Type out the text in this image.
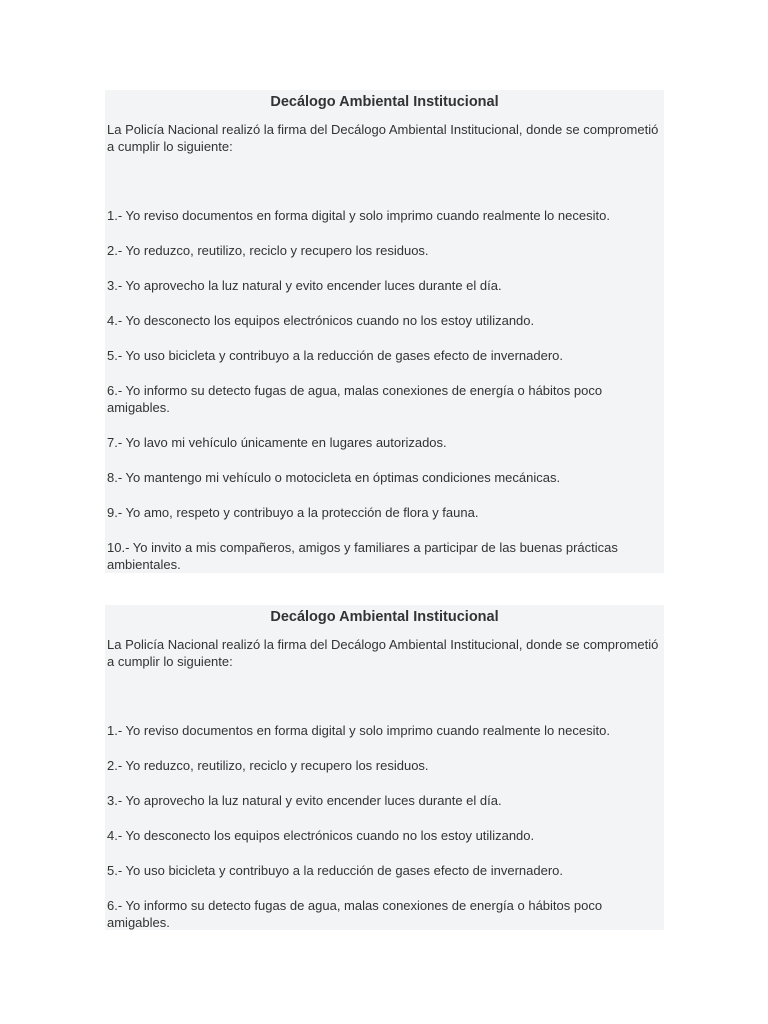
Decálogo Ambiental Institucional

La Policía Nacional realizó la firma del Decálogo Ambiental Institucional, donde se comprometió a cumplir lo siguiente:

1.- Yo reviso documentos en forma digital y solo imprimo cuando realmente lo necesito.
2.- Yo reduzco, reutilizo, reciclo y recupero los residuos.
3.- Yo aprovecho la luz natural y evito encender luces durante el día.
4.- Yo desconecto los equipos electrónicos cuando no los estoy utilizando.
5.- Yo uso bicicleta y contribuyo a la reducción de gases efecto de invernadero.
6.- Yo informo su detecto fugas de agua, malas conexiones de energía o hábitos poco amigables.
7.- Yo lavo mi vehículo únicamente en lugares autorizados.
8.- Yo mantengo mi vehículo o motocicleta en óptimas condiciones mecánicas.
9.- Yo amo, respeto y contribuyo a la protección de flora y fauna.
10.- Yo invito a mis compañeros, amigos y familiares a participar de las buenas prácticas ambientales.
Decálogo Ambiental Institucional

La Policía Nacional realizó la firma del Decálogo Ambiental Institucional, donde se comprometió a cumplir lo siguiente:

1.- Yo reviso documentos en forma digital y solo imprimo cuando realmente lo necesito.
2.- Yo reduzco, reutilizo, reciclo y recupero los residuos.
3.- Yo aprovecho la luz natural y evito encender luces durante el día.
4.- Yo desconecto los equipos electrónicos cuando no los estoy utilizando.
5.- Yo uso bicicleta y contribuyo a la reducción de gases efecto de invernadero.
6.- Yo informo su detecto fugas de agua, malas conexiones de energía o hábitos poco amigables.
